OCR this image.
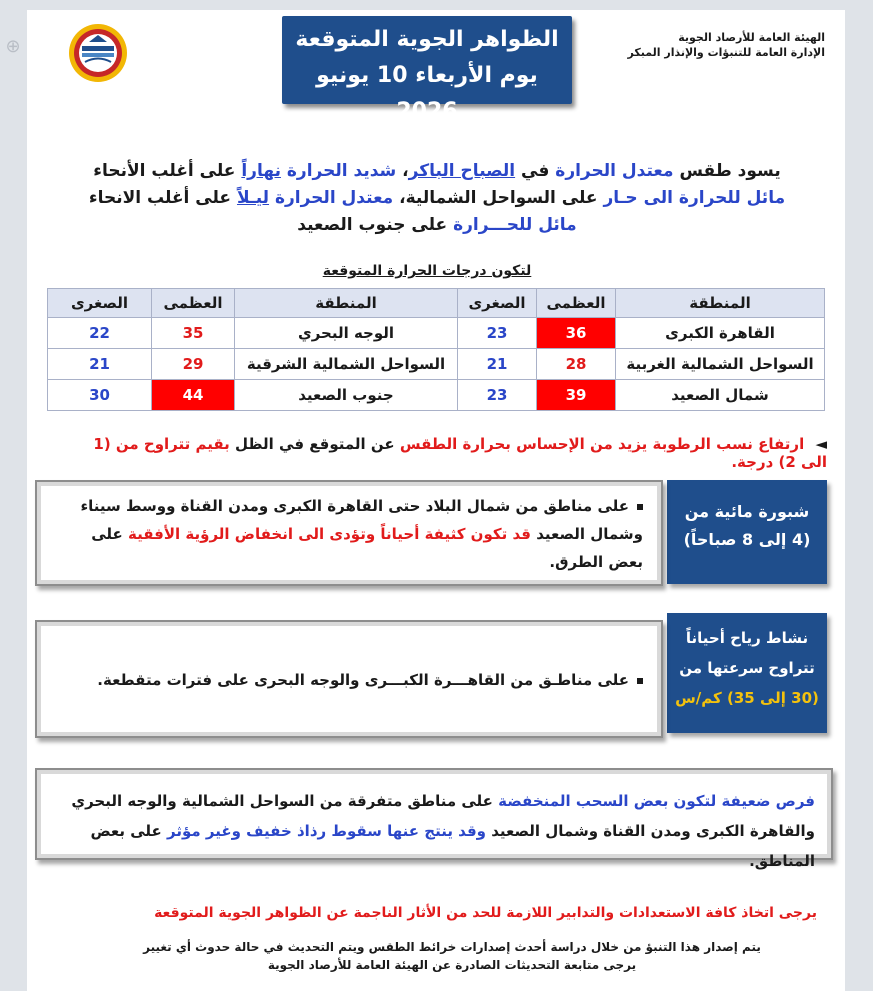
⊕	الهيئة العامة للأرصاد الجوية
الإدارة العامة للتنبؤات والإنذار المبكر
الظواهر الجوية المتوقعة
يوم الأربعاء 10 يونيو 2026
يسود طقس معتدل الحرارة في الصباح الباكر، شديد الحرارة نهاراً على أغلب الأنحاء
مائل للحرارة الى حـار على السواحل الشمالية، معتدل الحرارة ليـلاً على أغلب الانحاء
مائل للحـــرارة على جنوب الصعيد
لتكون درجات الحرارة المتوقعة
المنطقة	العظمى	الصغرى	المنطقة	العظمى	الصغرى
القاهرة الكبرى	36	23	الوجه البحري	35	22
السواحل الشمالية الغربية	28	21	السواحل الشمالية الشرقية	29	21
شمال الصعيد	39	23	جنوب الصعيد	44	30
◄ ارتفاع نسب الرطوبة يزيد من الإحساس بحرارة الطقس عن المتوقع في الظل بقيم تتراوح من (1 الى 2) درجة.
شبورة مائية من
(4 إلى 8 صباحاً)
على مناطق من شمال البلاد حتى القاهرة الكبرى ومدن القناة ووسط سيناء وشمال الصعيد قد تكون كثيفة أحياناً وتؤدى الى انخفاض الرؤية الأفقية على بعض الطرق.
نشاط رياح أحياناً
تتراوح سرعتها من
(30 إلى 35) كم/س
على مناطـق من القاهـــرة الكبـــرى والوجه البحرى على فترات متقطعة.
فرص ضعيفة لتكون بعض السحب المنخفضة على مناطق متفرقة من السواحل الشمالية والوجه البحري والقاهرة الكبرى ومدن القناة وشمال الصعيد وقد ينتج عنها سقوط رذاذ خفيف وغير مؤثر على بعض المناطق.
يرجى اتخاذ كافة الاستعدادات والتدابير اللازمة للحد من الأثار الناجمة عن الظواهر الجوية المتوقعة
يتم إصدار هذا التنبؤ من خلال دراسة أحدث إصدارات خرائط الطقس ويتم التحديث في حالة حدوث أي تغيير
يرجى متابعة التحديثات الصادرة عن الهيئة العامة للأرصاد الجوية
